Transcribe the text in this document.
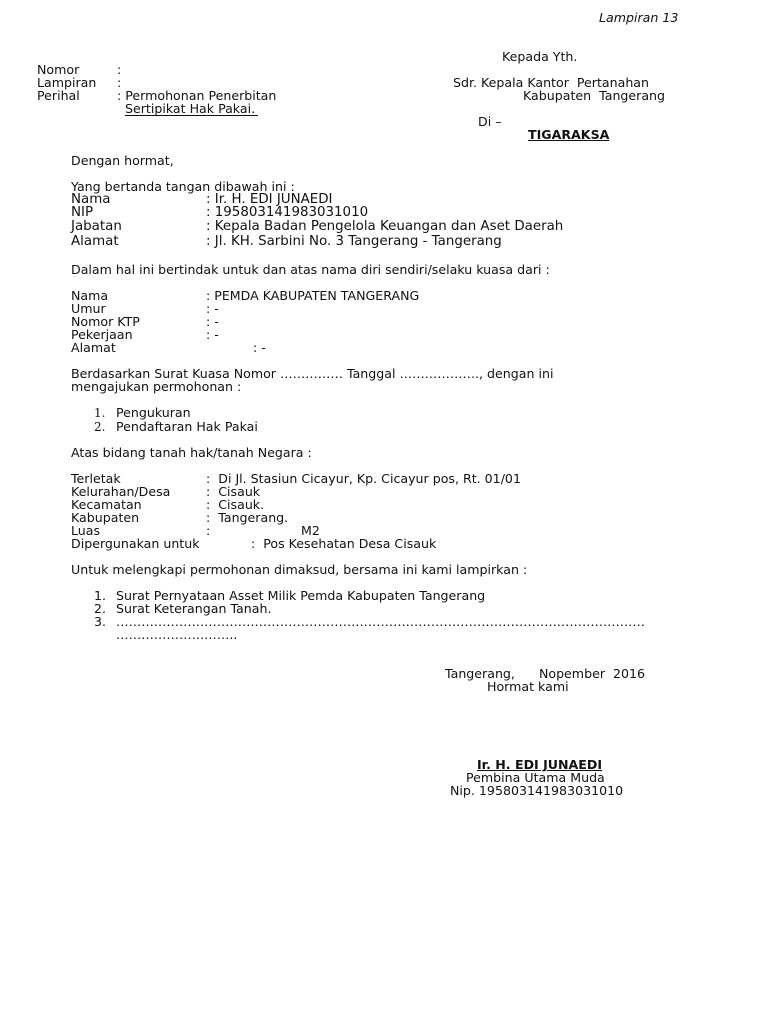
Lampiran 13
Kepada Yth.
Sdr. Kepala Kantor  Pertanahan
Kabupaten  Tangerang
Di –
TIGARAKSA
Nomor	:
Lampiran :
Perihal	: Permohonan Penerbitan
Sertipikat Hak Pakai.
Dengan hormat,
Yang bertanda tangan dibawah ini :
Nama	: Ir. H. EDI JUNAEDI
NIP	: 195803141983031010
Jabatan	: Kepala Badan Pengelola Keuangan dan Aset Daerah
Alamat	: Jl. KH. Sarbini No. 3 Tangerang - Tangerang
Dalam hal ini bertindak untuk dan atas nama diri sendiri/selaku kuasa dari :
Nama	: PEMDA KABUPATEN TANGERANG
Umur	: -
Nomor KTP	: -
Pekerjaan	: -
Alamat	: -
Berdasarkan Surat Kuasa Nomor …………… Tanggal ………………., dengan ini
mengajukan permohonan :
1. Pengukuran
2. Pendaftaran Hak Pakai
Atas bidang tanah hak/tanah Negara :
Terletak	:  Di Jl. Stasiun Cicayur, Kp. Cicayur pos, Rt. 01/01
Kelurahan/Desa	:  Cisauk
Kecamatan	:  Cisauk.
Kabupaten	:  Tangerang.
Luas	:	M2
Dipergunakan untuk	:  Pos Kesehatan Desa Cisauk
Untuk melengkapi permohonan dimaksud, bersama ini kami lampirkan :
1. Surat Pernyataan Asset Milik Pemda Kabupaten Tangerang
2. Surat Keterangan Tanah.
3. ………………………………………………………………………………………………………………
………………………..
Tangerang,      Nopember  2016
Hormat kami
Ir. H. EDI JUNAEDI
Pembina Utama Muda
Nip. 195803141983031010
